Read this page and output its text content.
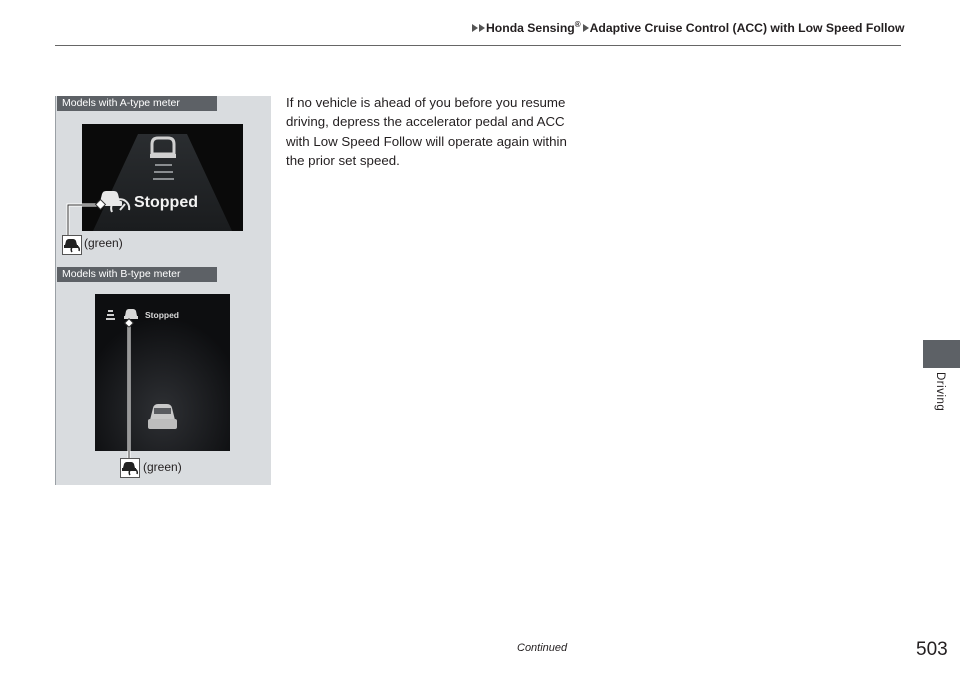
Honda Sensing® Adaptive Cruise Control (ACC) with Low Speed Follow
Models with A-type meter
Stopped
(green)
Models with B-type meter
Stopped
(green)
If no vehicle is ahead of you before you resume driving, depress the accelerator pedal and ACC with Low Speed Follow will operate again within the prior set speed.
Driving
Continued	503
